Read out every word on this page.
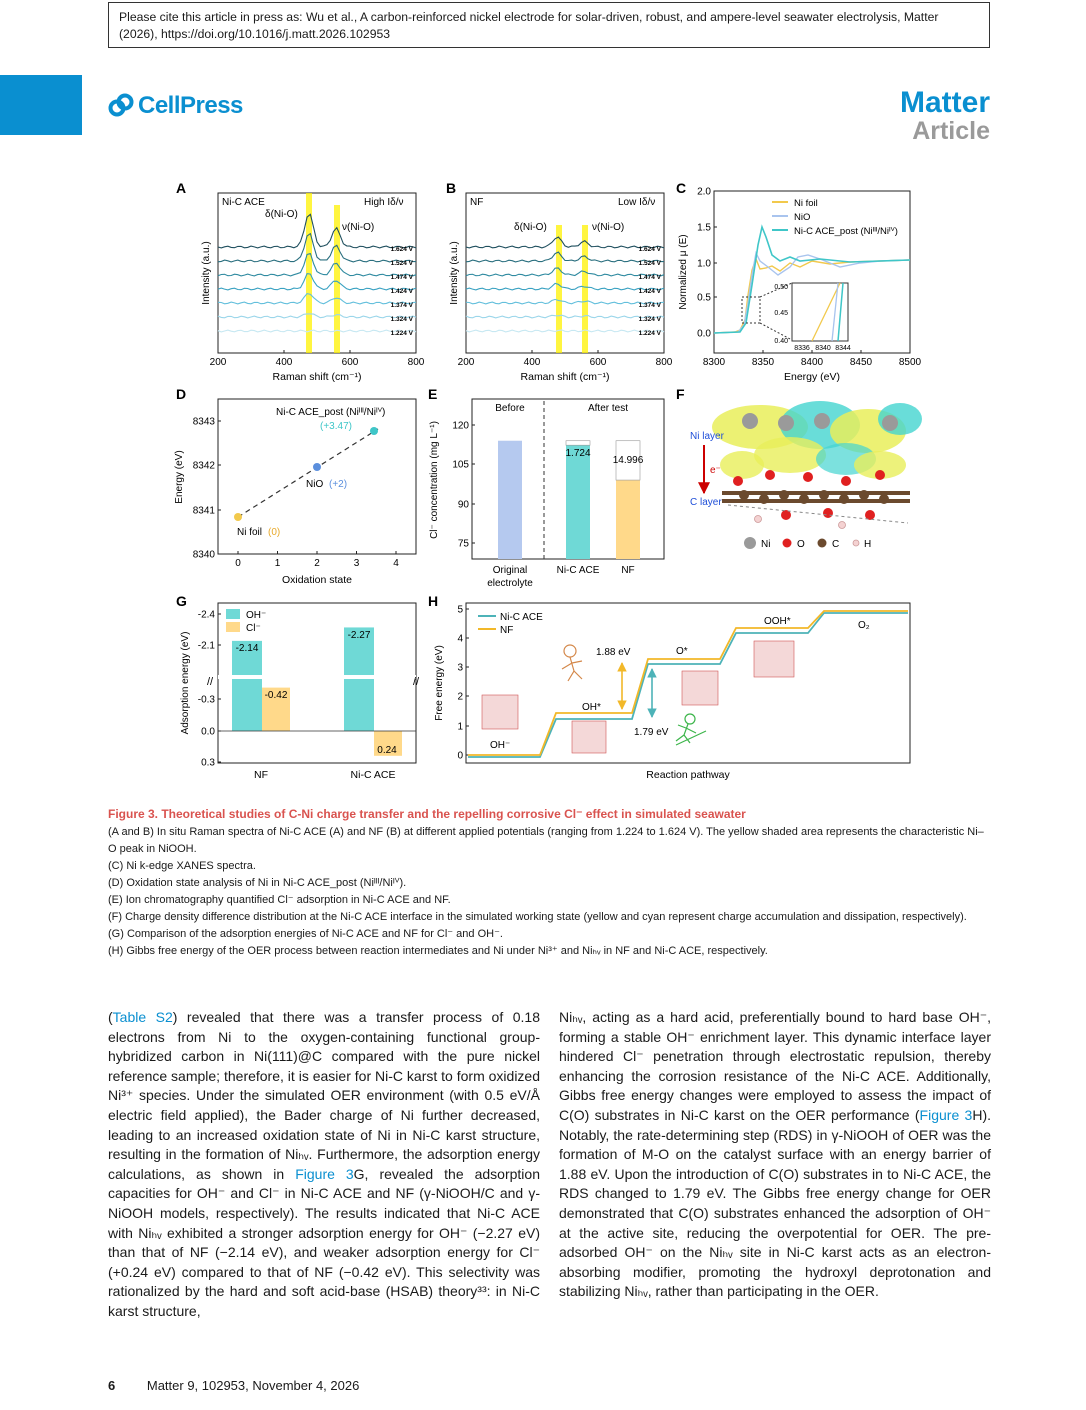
Please cite this article in press as: Wu et al., A carbon-reinforced nickel electrode for solar-driven, robust, and ampere-level seawater electrolysis, Matter (2026), https://doi.org/10.1016/j.matt.2026.102953
CellPress	Matter
Article
A
1.624 V
1.524 V
1.474 V
1.424 V
1.374 V
1.324 V
1.224 V
Ni-C ACE	High Iδ/ν
δ(Ni-O)
ν(Ni-O)
Intensity (a.u.)
200	400	600	800
Raman shift (cm⁻¹)
B
1.624 V
1.524 V
1.474 V
1.424 V
1.374 V
1.324 V
1.224 V
NF	Low Iδ/ν
δ(Ni-O)	ν(Ni-O)
Intensity (a.u.)
200	400	600	800
Raman shift (cm⁻¹)
C
0.0
0.5
1.0
1.5
2.0
8300	8350	8400	8450	8500
0.50
0.45
0.40
8336 8340 8344
Ni foil
NiO
Ni-C ACE_post (Niᴵᴵᴵ/Niᴵⱽ)
Normalized μ (E)
Energy (eV)
D
8343
8342
8341
8340
0	1	2	3	4
Ni-C ACE_post (Niᴵᴵᴵ/Niᴵⱽ)
(+3.47)
NiO (+2)
Ni foil (0)
Energy (eV)
Oxidation state
E
120
105
90
75
Before	After test
1.724
14.996
Original
electrolyte
Ni-C ACE NF
Cl⁻ concentration (mg L⁻¹)
F
Ni layer
e⁻
C layer
Ni	O	C H
G
-2.4
-2.1
-0.3
0.0
0.3
//	//
OH⁻
Cl⁻
-2.14
-0.42
-2.27
0.24
NF	Ni-C ACE
Adsorption energy (eV)
H
0
1
2
3
4
5
Ni-C ACE
NF
1.88 eV
1.79 eV
OH⁻
OH*
O*
OOH*	O₂
Free energy (eV)
Reaction pathway

Figure 3. Theoretical studies of C-Ni charge transfer and the repelling corrosive Cl⁻ effect in simulated seawater

(A and B) In situ Raman spectra of Ni-C ACE (A) and NF (B) at different applied potentials (ranging from 1.224 to 1.624 V). The yellow shaded area represents the characteristic Ni–O peak in NiOOH.

(C) Ni k-edge XANES spectra.

(D) Oxidation state analysis of Ni in Ni-C ACE_post (Niᴵᴵᴵ/Niᴵⱽ).

(E) Ion chromatography quantified Cl⁻ adsorption in Ni-C ACE and NF.

(F) Charge density difference distribution at the Ni-C ACE interface in the simulated working state (yellow and cyan represent charge accumulation and dissipation, respectively).

(G) Comparison of the adsorption energies of Ni-C ACE and NF for Cl⁻ and OH⁻.

(H) Gibbs free energy of the OER process between reaction intermediates and Ni under Ni³⁺ and Niₕᵥ in NF and Ni-C ACE, respectively.

(Table S2) revealed that there was a transfer process of 0.18 electrons from Ni to the oxygen-containing functional group-hybridized carbon in Ni(111)@C compared with the pure nickel reference sample; therefore, it is easier for Ni-C karst to form oxidized Ni³⁺ species. Under the simulated OER environment (with 0.5 eV/Å electric field applied), the Bader charge of Ni further decreased, leading to an increased oxidation state of Ni in Ni-C karst structure, resulting in the formation of Niₕᵥ. Furthermore, the adsorption energy calculations, as shown in Figure 3G, revealed the adsorption capacities for OH⁻ and Cl⁻ in Ni-C ACE and NF (γ-NiOOH/C and γ-NiOOH models, respectively). The results indicated that Ni-C ACE with Niₕᵥ exhibited a stronger adsorption energy for OH⁻ (−2.27 eV) than that of NF (−2.14 eV), and weaker adsorption energy for Cl⁻ (+0.24 eV) compared to that of NF (−0.42 eV). This selectivity was rationalized by the hard and soft acid-base (HSAB) theory³³: in Ni-C karst structure,
Niₕᵥ, acting as a hard acid, preferentially bound to hard base OH⁻, forming a stable OH⁻ enrichment layer. This dynamic interface layer hindered Cl⁻ penetration through electrostatic repulsion, thereby enhancing the corrosion resistance of the Ni-C ACE. Additionally, Gibbs free energy changes were employed to assess the impact of C(O) substrates in Ni-C karst on the OER performance (Figure 3H). Notably, the rate-determining step (RDS) in γ-NiOOH of OER was the formation of M-O on the catalyst surface with an energy barrier of 1.88 eV. Upon the introduction of C(O) substrates in to Ni-C ACE, the RDS changed to 1.79 eV. The Gibbs free energy change for OER demonstrated that C(O) substrates enhanced the adsorption of OH⁻ at the active site, reducing the overpotential for OER. The pre-adsorbed OH⁻ on the Niₕᵥ site in Ni-C karst acts as an electron-absorbing modifier, promoting the hydroxyl deprotonation and stabilizing Niₕᵥ, rather than participating in the OER.
6 Matter 9, 102953, November 4, 2026
